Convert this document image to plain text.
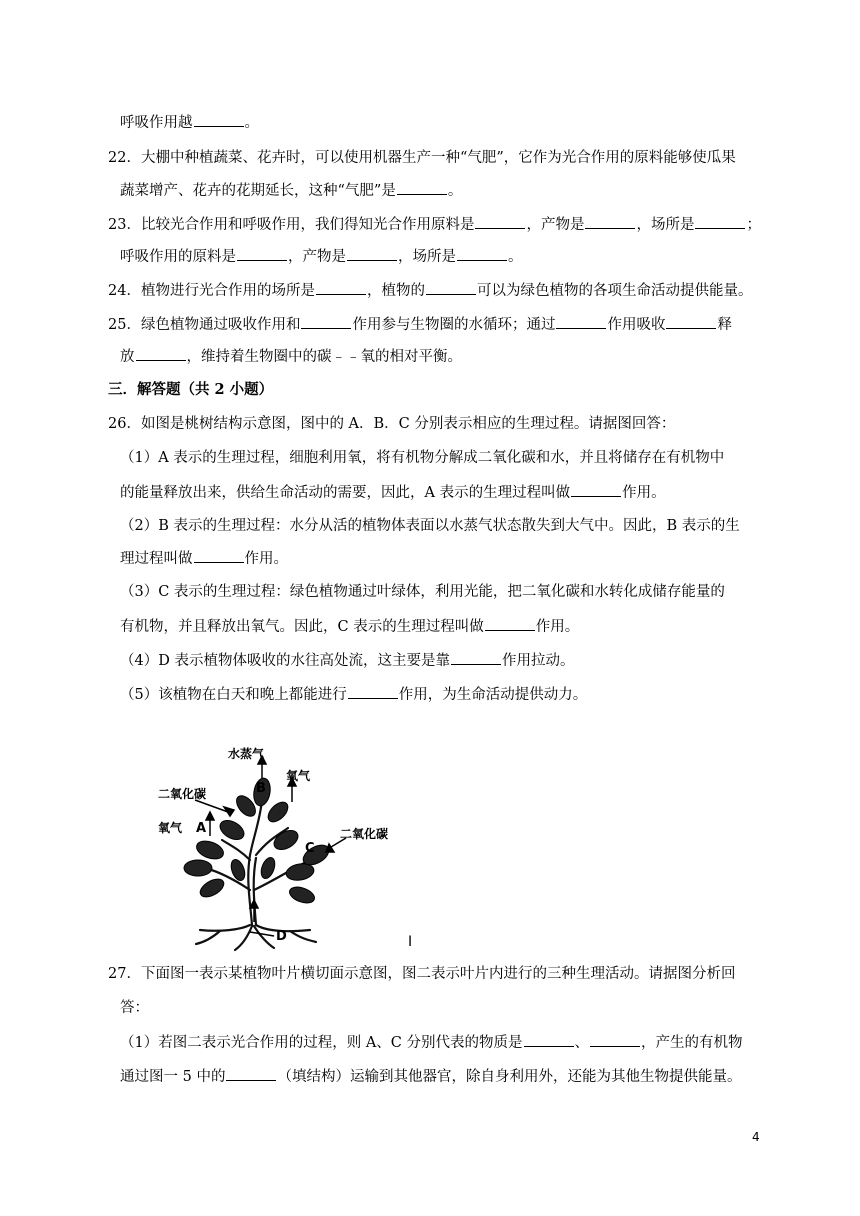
呼吸作用越	。
22．大棚中种植蔬菜、花卉时，可以使用机器生产一种“气肥”，它作为光合作用的原料能够使瓜果
蔬菜增产、花卉的花期延长，这种“气肥”是	。
23．比较光合作用和呼吸作用，我们得知光合作用原料是	，产物是	，场所是	；
呼吸作用的原料是	，产物是	，场所是	。
24．植物进行光合作用的场所是	，植物的	可以为绿色植物的各项生命活动提供能量。
25．绿色植物通过吸收作用和	作用参与生物圈的水循环；通过	作用吸收	释
放	，维持着生物圈中的碳﹣﹣氧的相对平衡。
三．解答题（共 2 小题）
26．如图是桃树结构示意图，图中的 A．B．C 分别表示相应的生理过程。请据图回答：
（1）A 表示的生理过程，细胞利用氧，将有机物分解成二氧化碳和水，并且将储存在有机物中
的能量释放出来，供给生命活动的需要，因此，A 表示的生理过程叫做	作用。
（2）B 表示的生理过程：水分从活的植物体表面以水蒸气状态散失到大气中。因此，B 表示的生
理过程叫做	作用。
（3）C 表示的生理过程：绿色植物通过叶绿体，利用光能，把二氧化碳和水转化成储存能量的
有机物，并且释放出氧气。因此，C 表示的生理过程叫做	作用。
（4）D 表示植物体吸收的水往高处流，这主要是靠	作用拉动。
（5）该植物在白天和晚上都能进行	作用，为生命活动提供动力。
水蒸气
二氧化碳
氧气
氧气
二氧化碳
A
B
C
D	I
27．下面图一表示某植物叶片横切面示意图，图二表示叶片内进行的三种生理活动。请据图分析回
答：
（1）若图二表示光合作用的过程，则 A、C 分别代表的物质是	、	，产生的有机物
通过图一 5 中的	（填结构）运输到其他器官，除自身利用外，还能为其他生物提供能量。
4
